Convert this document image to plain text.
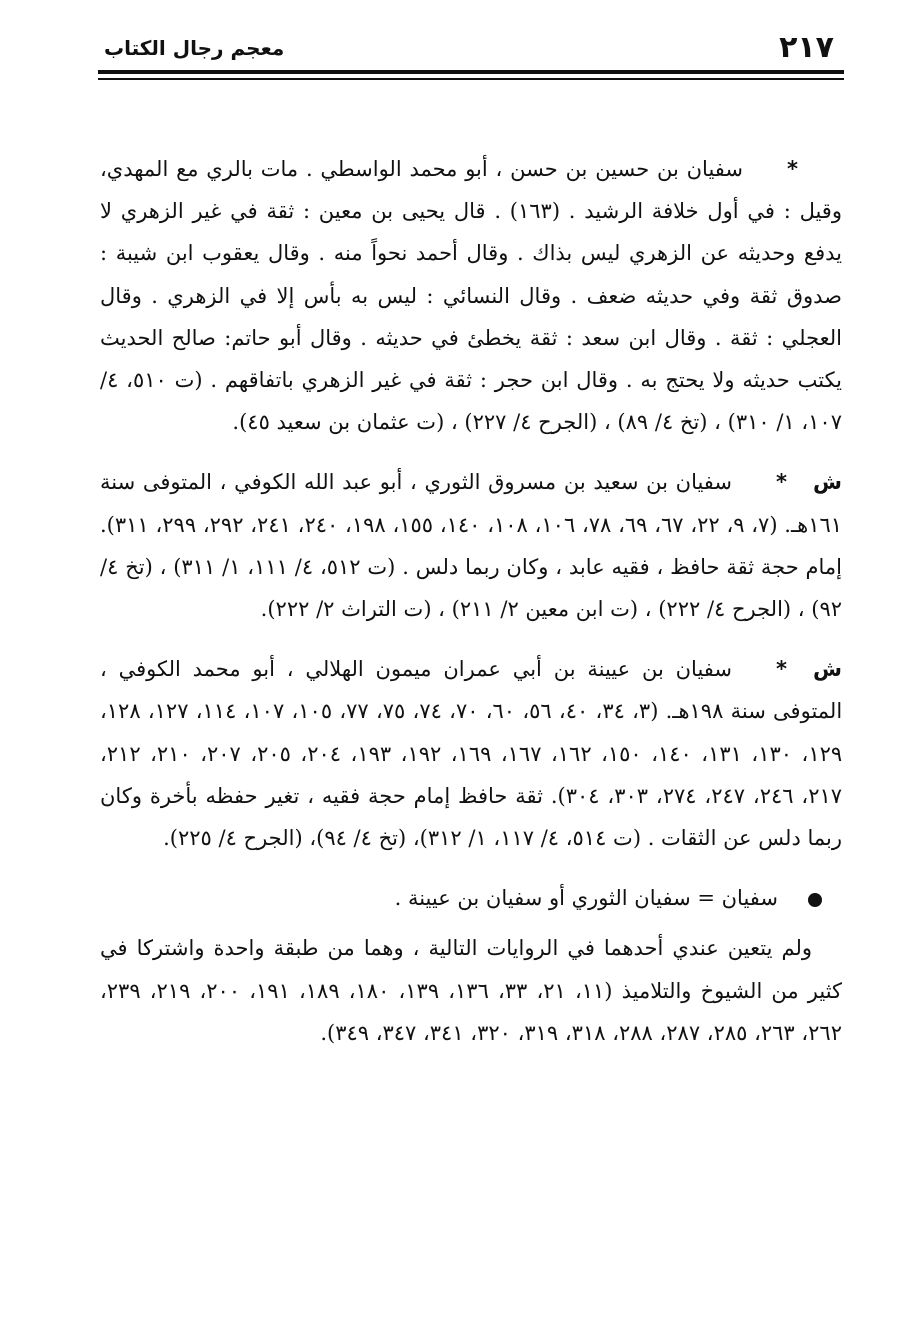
٢١٧
معجم رجال الكتاب

*سفيان بن حسين بن حسن ، أبو محمد الواسطي . مات بالري مع المهدي، وقيل : في أول خلافة الرشيد . (١٦٣) . قال يحيى بن معين : ثقة في غير الزهري لا يدفع وحديثه عن الزهري ليس بذاك . وقال أحمد نحواً منه . وقال يعقوب ابن شيبة : صدوق ثقة وفي حديثه ضعف . وقال النسائي : ليس به بأس إلا في الزهري . وقال العجلي : ثقة . وقال ابن سعد : ثقة يخطئ في حديثه . وقال أبو حاتم: صالح الحديث يكتب حديثه ولا يحتج به . وقال ابن حجر : ثقة في غير الزهري باتفاقهم . (ت ٥١٠، ٤/ ١٠٧، ١/ ٣١٠) ، (تخ ٤/ ٨٩) ، (الجرح ٤/ ٢٢٧) ، (ت عثمان بن سعيد ٤٥).

ش*سفيان بن سعيد بن مسروق الثوري ، أبو عبد الله الكوفي ، المتوفى سنة ١٦١هـ. (٧، ٩، ٢٢، ٦٧، ٦٩، ٧٨، ١٠٦، ١٠٨، ١٤٠، ١٥٥، ١٩٨، ٢٤٠، ٢٤١، ٢٩٢، ٢٩٩، ٣١١). إمام حجة ثقة حافظ ، فقيه عابد ، وكان ربما دلس . (ت ٥١٢، ٤/ ١١١، ١/ ٣١١) ، (تخ ٤/ ٩٢) ، (الجرح ٤/ ٢٢٢) ، (ت ابن معين ٢/ ٢١١) ، (ت التراث ٢/ ٢٢٢).

ش*سفيان بن عيينة بن أبي عمران ميمون الهلالي ، أبو محمد الكوفي ، المتوفى سنة ١٩٨هـ. (٣، ٣٤، ٤٠، ٥٦، ٦٠، ٧٠، ٧٤، ٧٥، ٧٧، ١٠٥، ١٠٧، ١١٤، ١٢٧، ١٢٨، ١٢٩، ١٣٠، ١٣١، ١٤٠، ١٥٠، ١٦٢، ١٦٧، ١٦٩، ١٩٢، ١٩٣، ٢٠٤، ٢٠٥، ٢٠٧، ٢١٠، ٢١٢، ٢١٧، ٢٤٦، ٢٤٧، ٢٧٤، ٣٠٣، ٣٠٤). ثقة حافظ إمام حجة فقيه ، تغير حفظه بأخرة وكان ربما دلس عن الثقات . (ت ٥١٤، ٤/ ١١٧، ١/ ٣١٢)، (تخ ٤/ ٩٤)، (الجرح ٤/ ٢٢٥).

سفيان = سفيان الثوري أو سفيان بن عيينة .

ولم يتعين عندي أحدهما في الروايات التالية ، وهما من طبقة واحدة واشتركا في كثير من الشيوخ والتلاميذ (١١، ٢١، ٣٣، ١٣٦، ١٣٩، ١٨٠، ١٨٩، ١٩١، ٢٠٠، ٢١٩، ٢٣٩، ٢٦٢، ٢٦٣، ٢٨٥، ٢٨٧، ٢٨٨، ٣١٨، ٣١٩، ٣٢٠، ٣٤١، ٣٤٧، ٣٤٩).
